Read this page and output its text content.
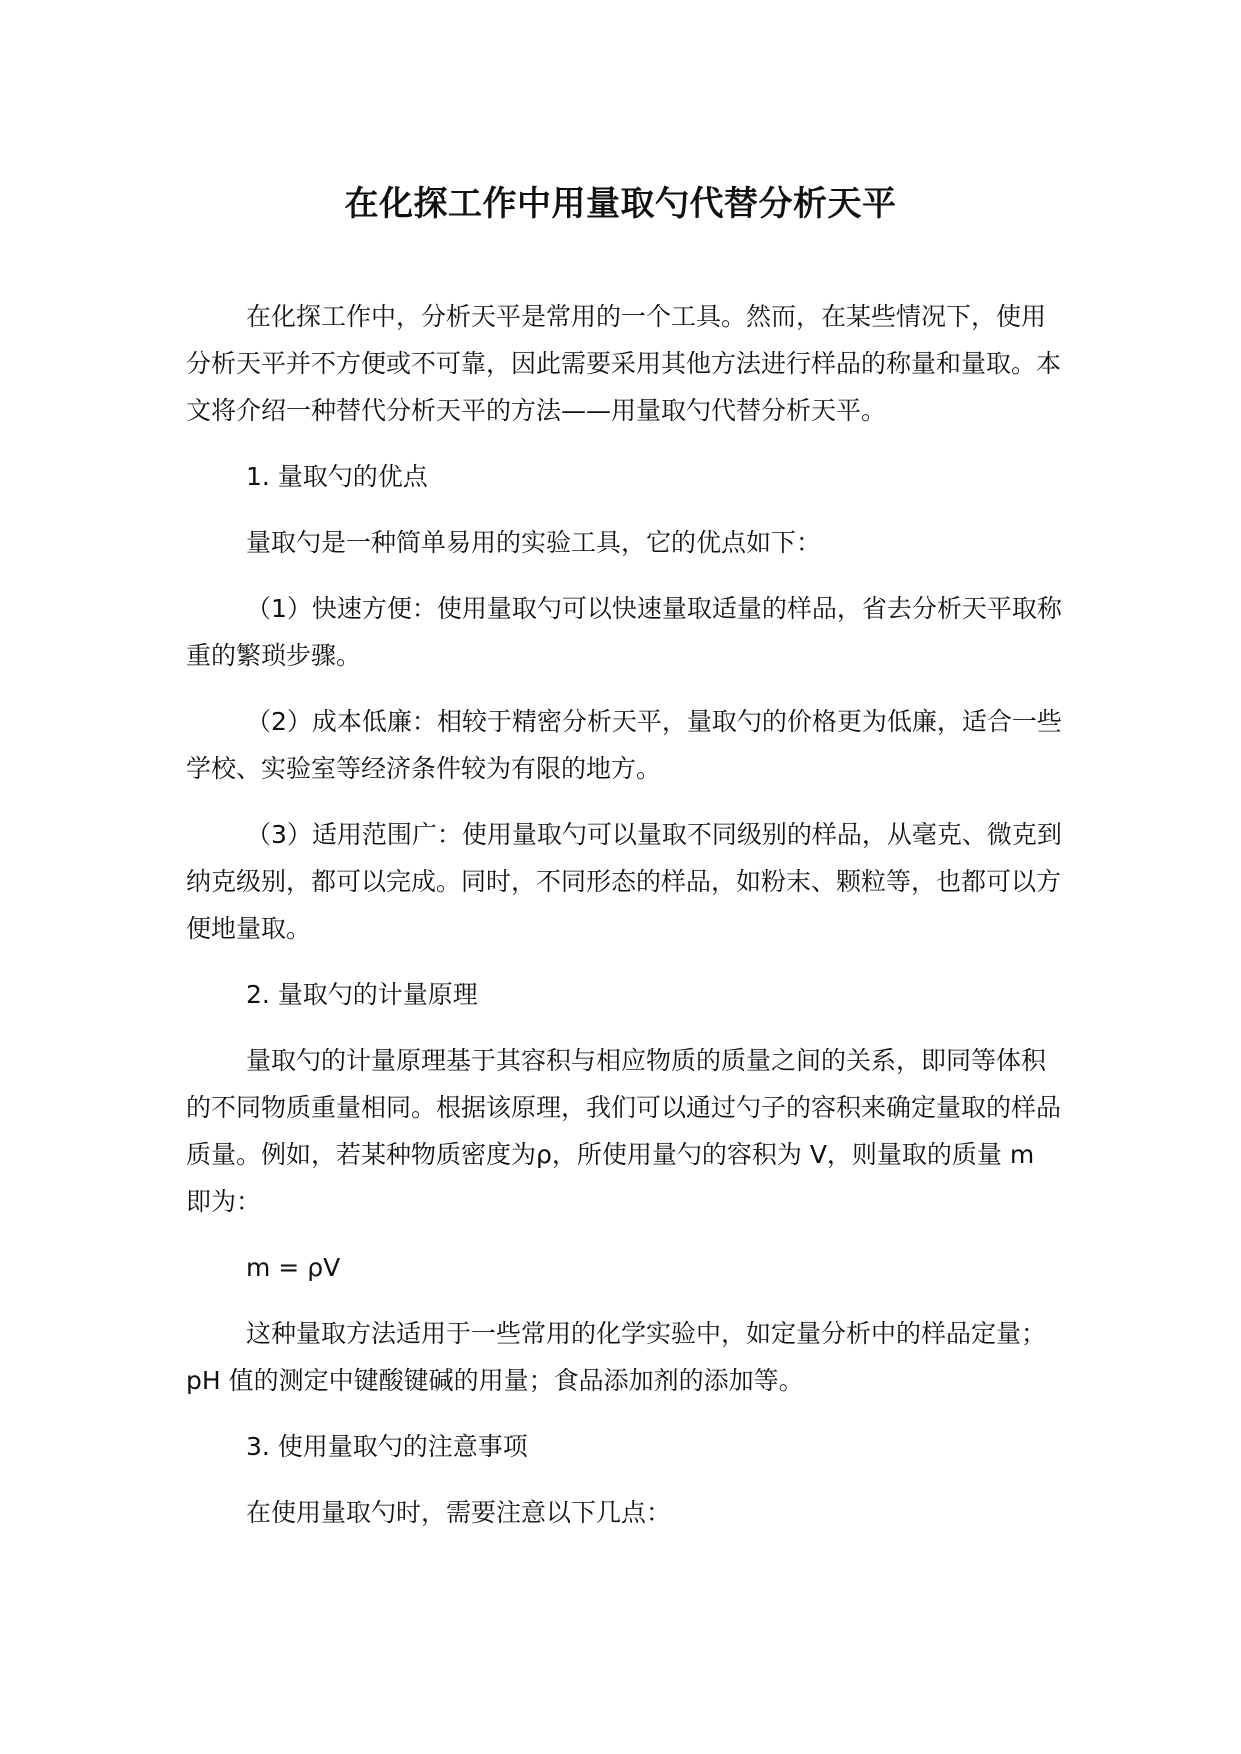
在化探工作中用量取勺代替分析天平

在化探工作中，分析天平是常用的一个工具。然而，在某些情况下，使用分析天平并不方便或不可靠，因此需要采用其他方法进行样品的称量和量取。本文将介绍一种替代分析天平的方法——用量取勺代替分析天平。

1. 量取勺的优点

量取勺是一种简单易用的实验工具，它的优点如下：

（1）快速方便：使用量取勺可以快速量取适量的样品，省去分析天平取称重的繁琐步骤。

（2）成本低廉：相较于精密分析天平，量取勺的价格更为低廉，适合一些学校、实验室等经济条件较为有限的地方。

（3）适用范围广：使用量取勺可以量取不同级别的样品，从毫克、微克到纳克级别，都可以完成。同时，不同形态的样品，如粉末、颗粒等，也都可以方便地量取。

2. 量取勺的计量原理

量取勺的计量原理基于其容积与相应物质的质量之间的关系，即同等体积的不同物质重量相同。根据该原理，我们可以通过勺子的容积来确定量取的样品质量。例如，若某种物质密度为ρ，所使用量勺的容积为 V，则量取的质量 m 即为：

m = ρV

这种量取方法适用于一些常用的化学实验中，如定量分析中的样品定量； pH 值的测定中键酸键碱的用量；食品添加剂的添加等。

3. 使用量取勺的注意事项

在使用量取勺时，需要注意以下几点：
